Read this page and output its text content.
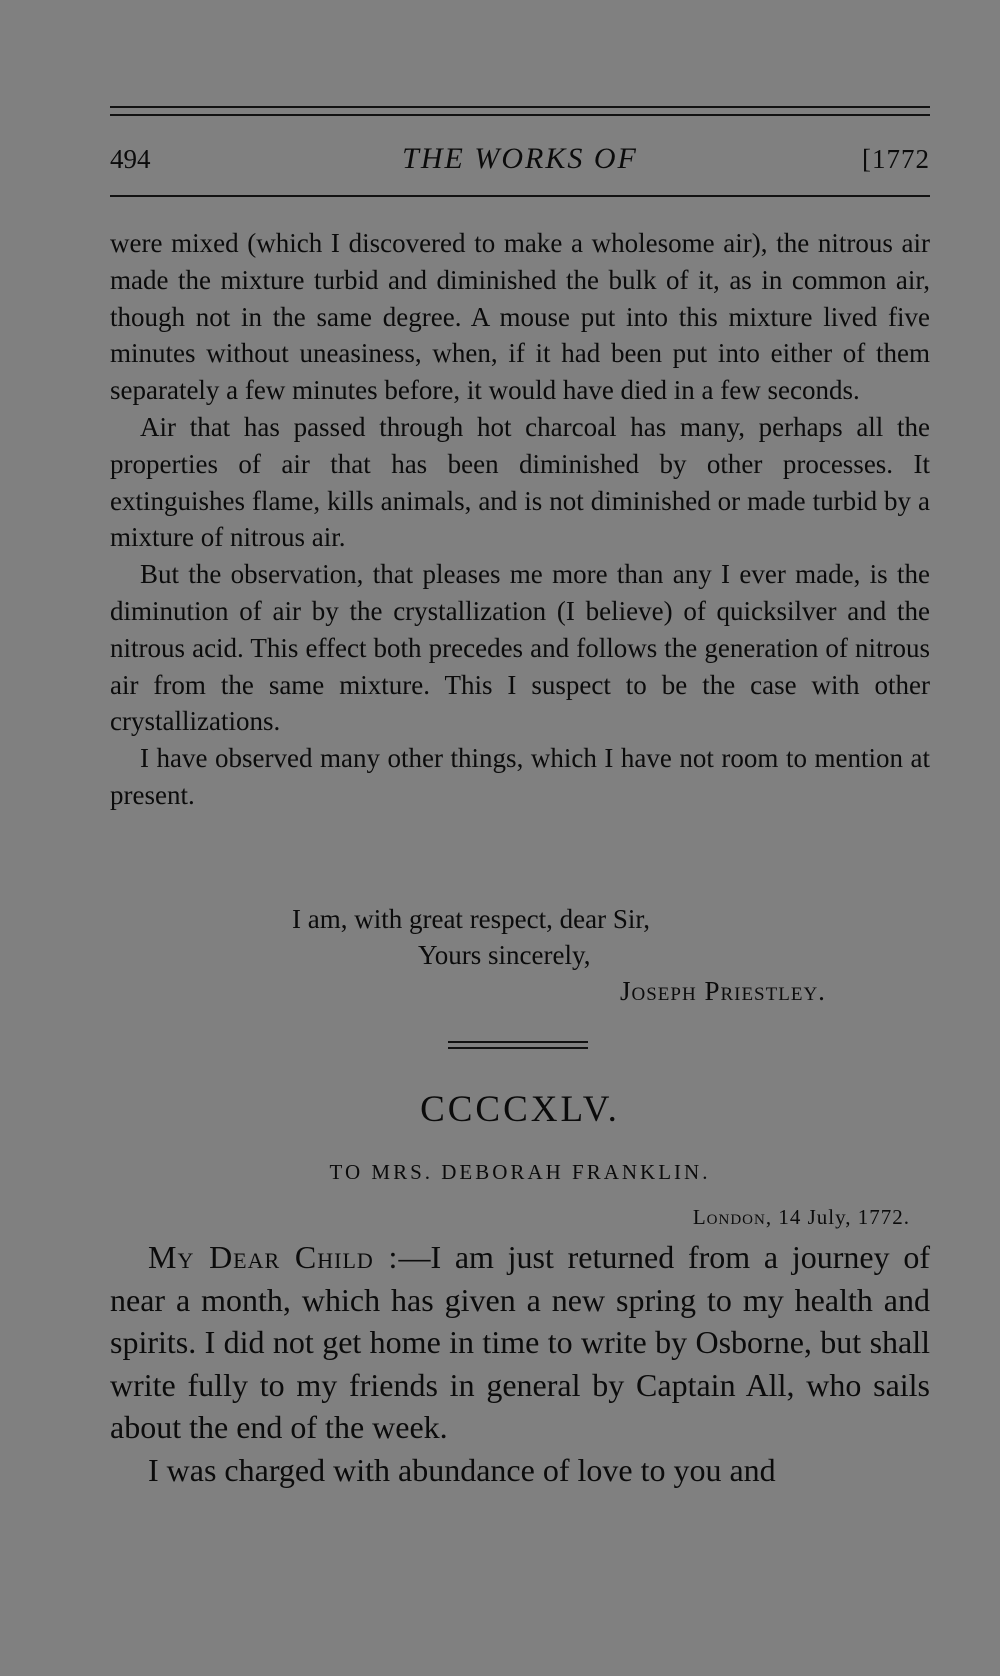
494	THE WORKS OF	[1772

were mixed (which I discovered to make a wholesome air), the nitrous air made the mixture turbid and diminished the bulk of it, as in common air, though not in the same degree. A mouse put into this mixture lived five minutes without uneasiness, when, if it had been put into either of them separately a few minutes before, it would have died in a few seconds.

Air that has passed through hot charcoal has many, perhaps all the properties of air that has been diminished by other processes. It extinguishes flame, kills animals, and is not diminished or made turbid by a mixture of nitrous air.

But the observation, that pleases me more than any I ever made, is the diminution of air by the crystallization (I believe) of quicksilver and the nitrous acid. This effect both precedes and follows the generation of nitrous air from the same mixture. This I suspect to be the case with other crystallizations.

I have observed many other things, which I have not room to mention at present.

I am, with great respect, dear Sir,
Yours sincerely,
Joseph Priestley.
CCCCXLV.
TO MRS. DEBORAH FRANKLIN.
London, 14 July, 1772.

My Dear Child :—I am just returned from a journey of near a month, which has given a new spring to my health and spirits. I did not get home in time to write by Osborne, but shall write fully to my friends in general by Captain All, who sails about the end of the week.

I was charged with abundance of love to you and
